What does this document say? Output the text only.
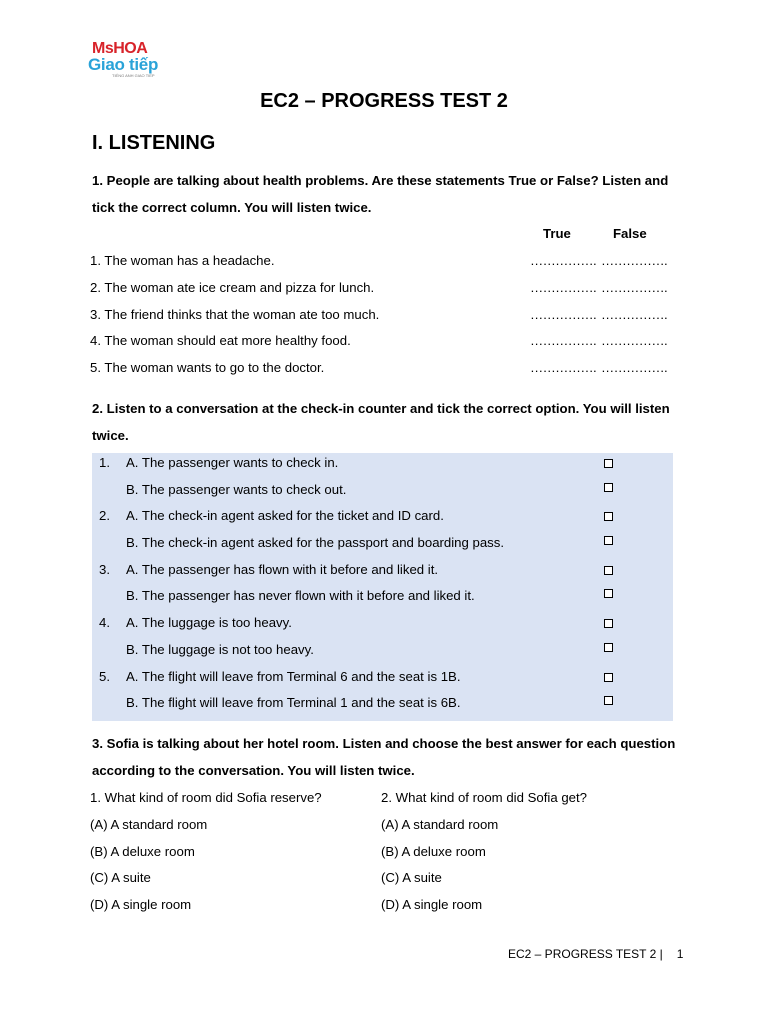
MsHOA
Giao tiếp
TIẾNG ANH GIAO TIẾP
EC2 – PROGRESS TEST 2
I. LISTENING
1. People are talking about health problems. Are these statements True or False? Listen and tick the correct column. You will listen twice.
True	False
1. The woman has a headache.	……………. …………….
2. The woman ate ice cream and pizza for lunch.	……………. …………….
3. The friend thinks that the woman ate too much.	……………. …………….
4. The woman should eat more healthy food.	……………. …………….
5. The woman wants to go to the doctor.	……………. …………….
2. Listen to a conversation at the check-in counter and tick the correct option. You will listen twice.
1. A. The passenger wants to check in.
B. The passenger wants to check out.
2. A. The check-in agent asked for the ticket and ID card.
B. The check-in agent asked for the passport and boarding pass.
3. A. The passenger has flown with it before and liked it.
B. The passenger has never flown with it before and liked it.
4. A. The luggage is too heavy.
B. The luggage is not too heavy.
5. A. The flight will leave from Terminal 6 and the seat is 1B.
B. The flight will leave from Terminal 1 and the seat is 6B.
3. Sofia is talking about her hotel room. Listen and choose the best answer for each question according to the conversation. You will listen twice.
1. What kind of room did Sofia reserve?
(A) A standard room
(B) A deluxe room
(C) A suite
(D) A single room
2. What kind of room did Sofia get?
(A) A standard room
(B) A deluxe room
(C) A suite
(D) A single room
EC2 – PROGRESS TEST 2 | 1
